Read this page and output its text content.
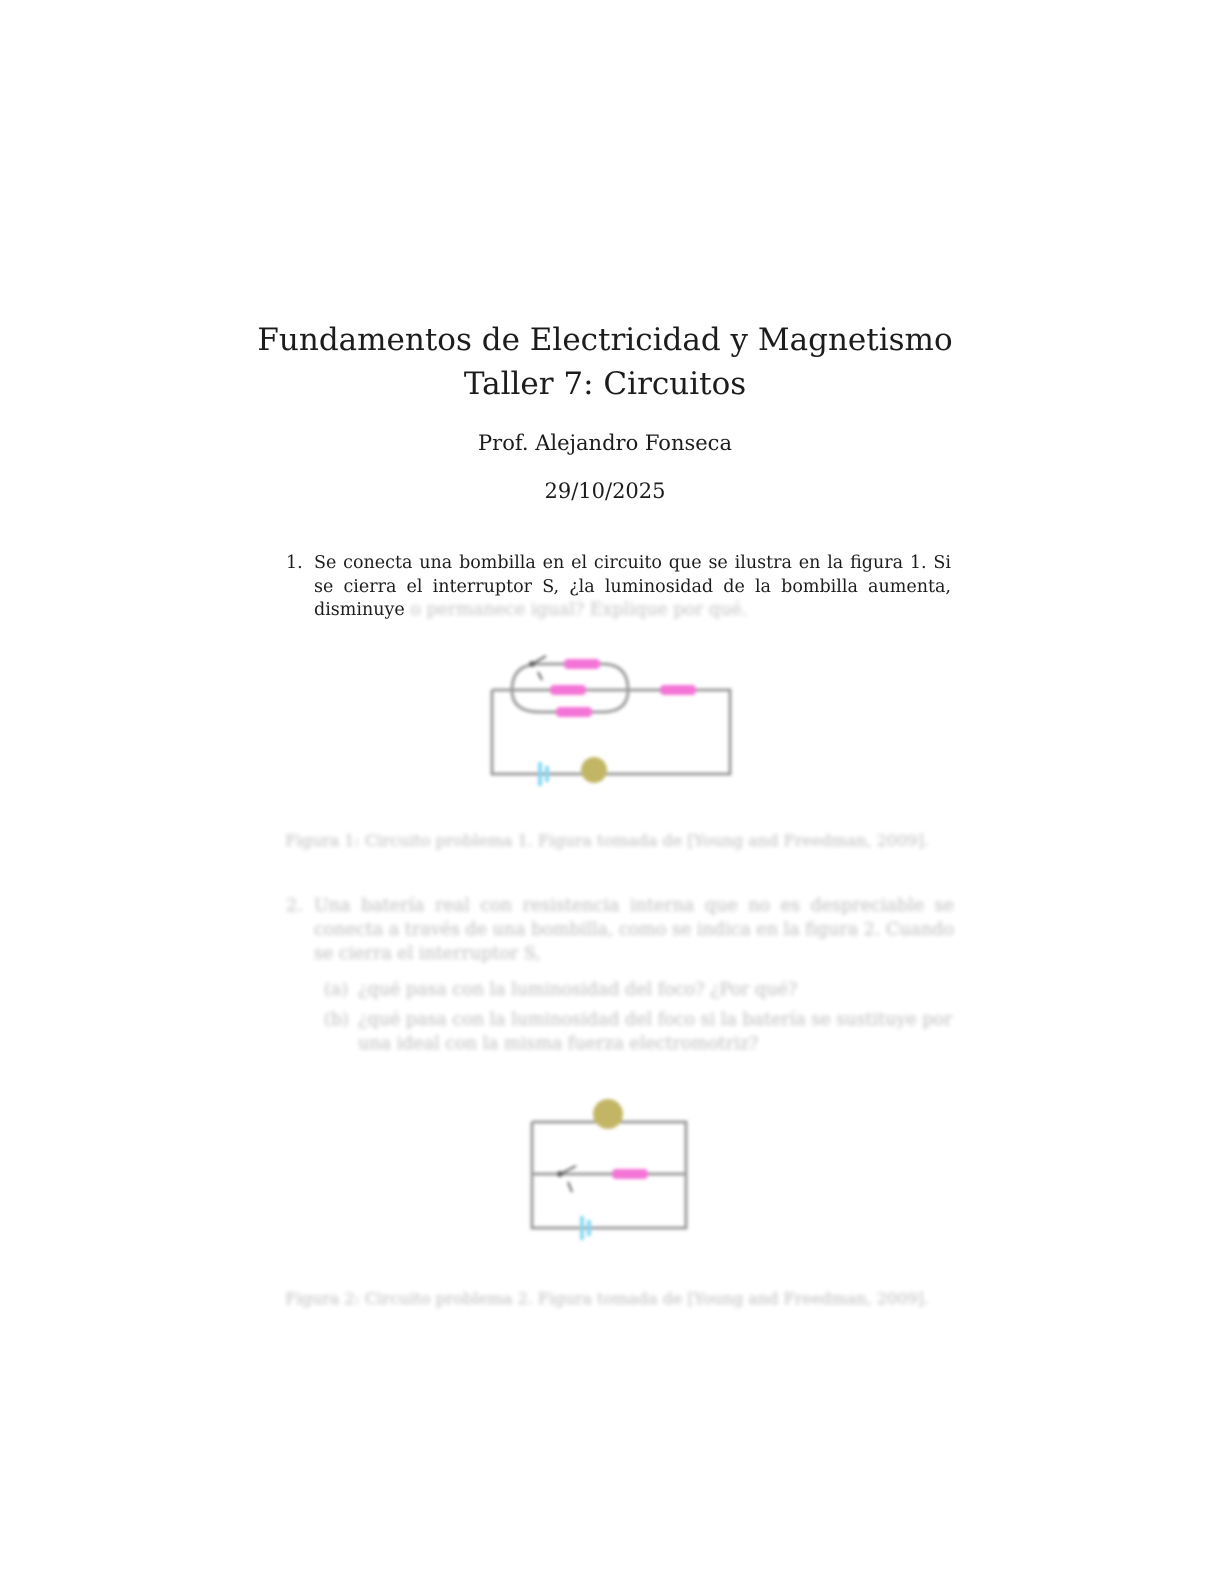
Fundamentos de Electricidad y Magnetismo
Taller 7: Circuitos
Prof. Alejandro Fonseca
29/10/2025
1. Se conecta una bombilla en el circuito que se ilustra en la figura 1. Si se cierra el interruptor S, ¿la luminosidad de la bombilla aumenta, disminuye o permanece igual? Explique por qué.
Figura 1: Circuito problema 1. Figura tomada de [Young and Freedman, 2009].
2. Una batería real con resistencia interna que no es despreciable se conecta a través de una bombilla, como se indica en la figura 2. Cuando se cierra el interruptor S,
(a) ¿qué pasa con la luminosidad del foco? ¿Por qué?
(b) ¿qué pasa con la luminosidad del foco si la batería se sustituye por una ideal con la misma fuerza electromotriz?
Figura 2: Circuito problema 2. Figura tomada de [Young and Freedman, 2009].
